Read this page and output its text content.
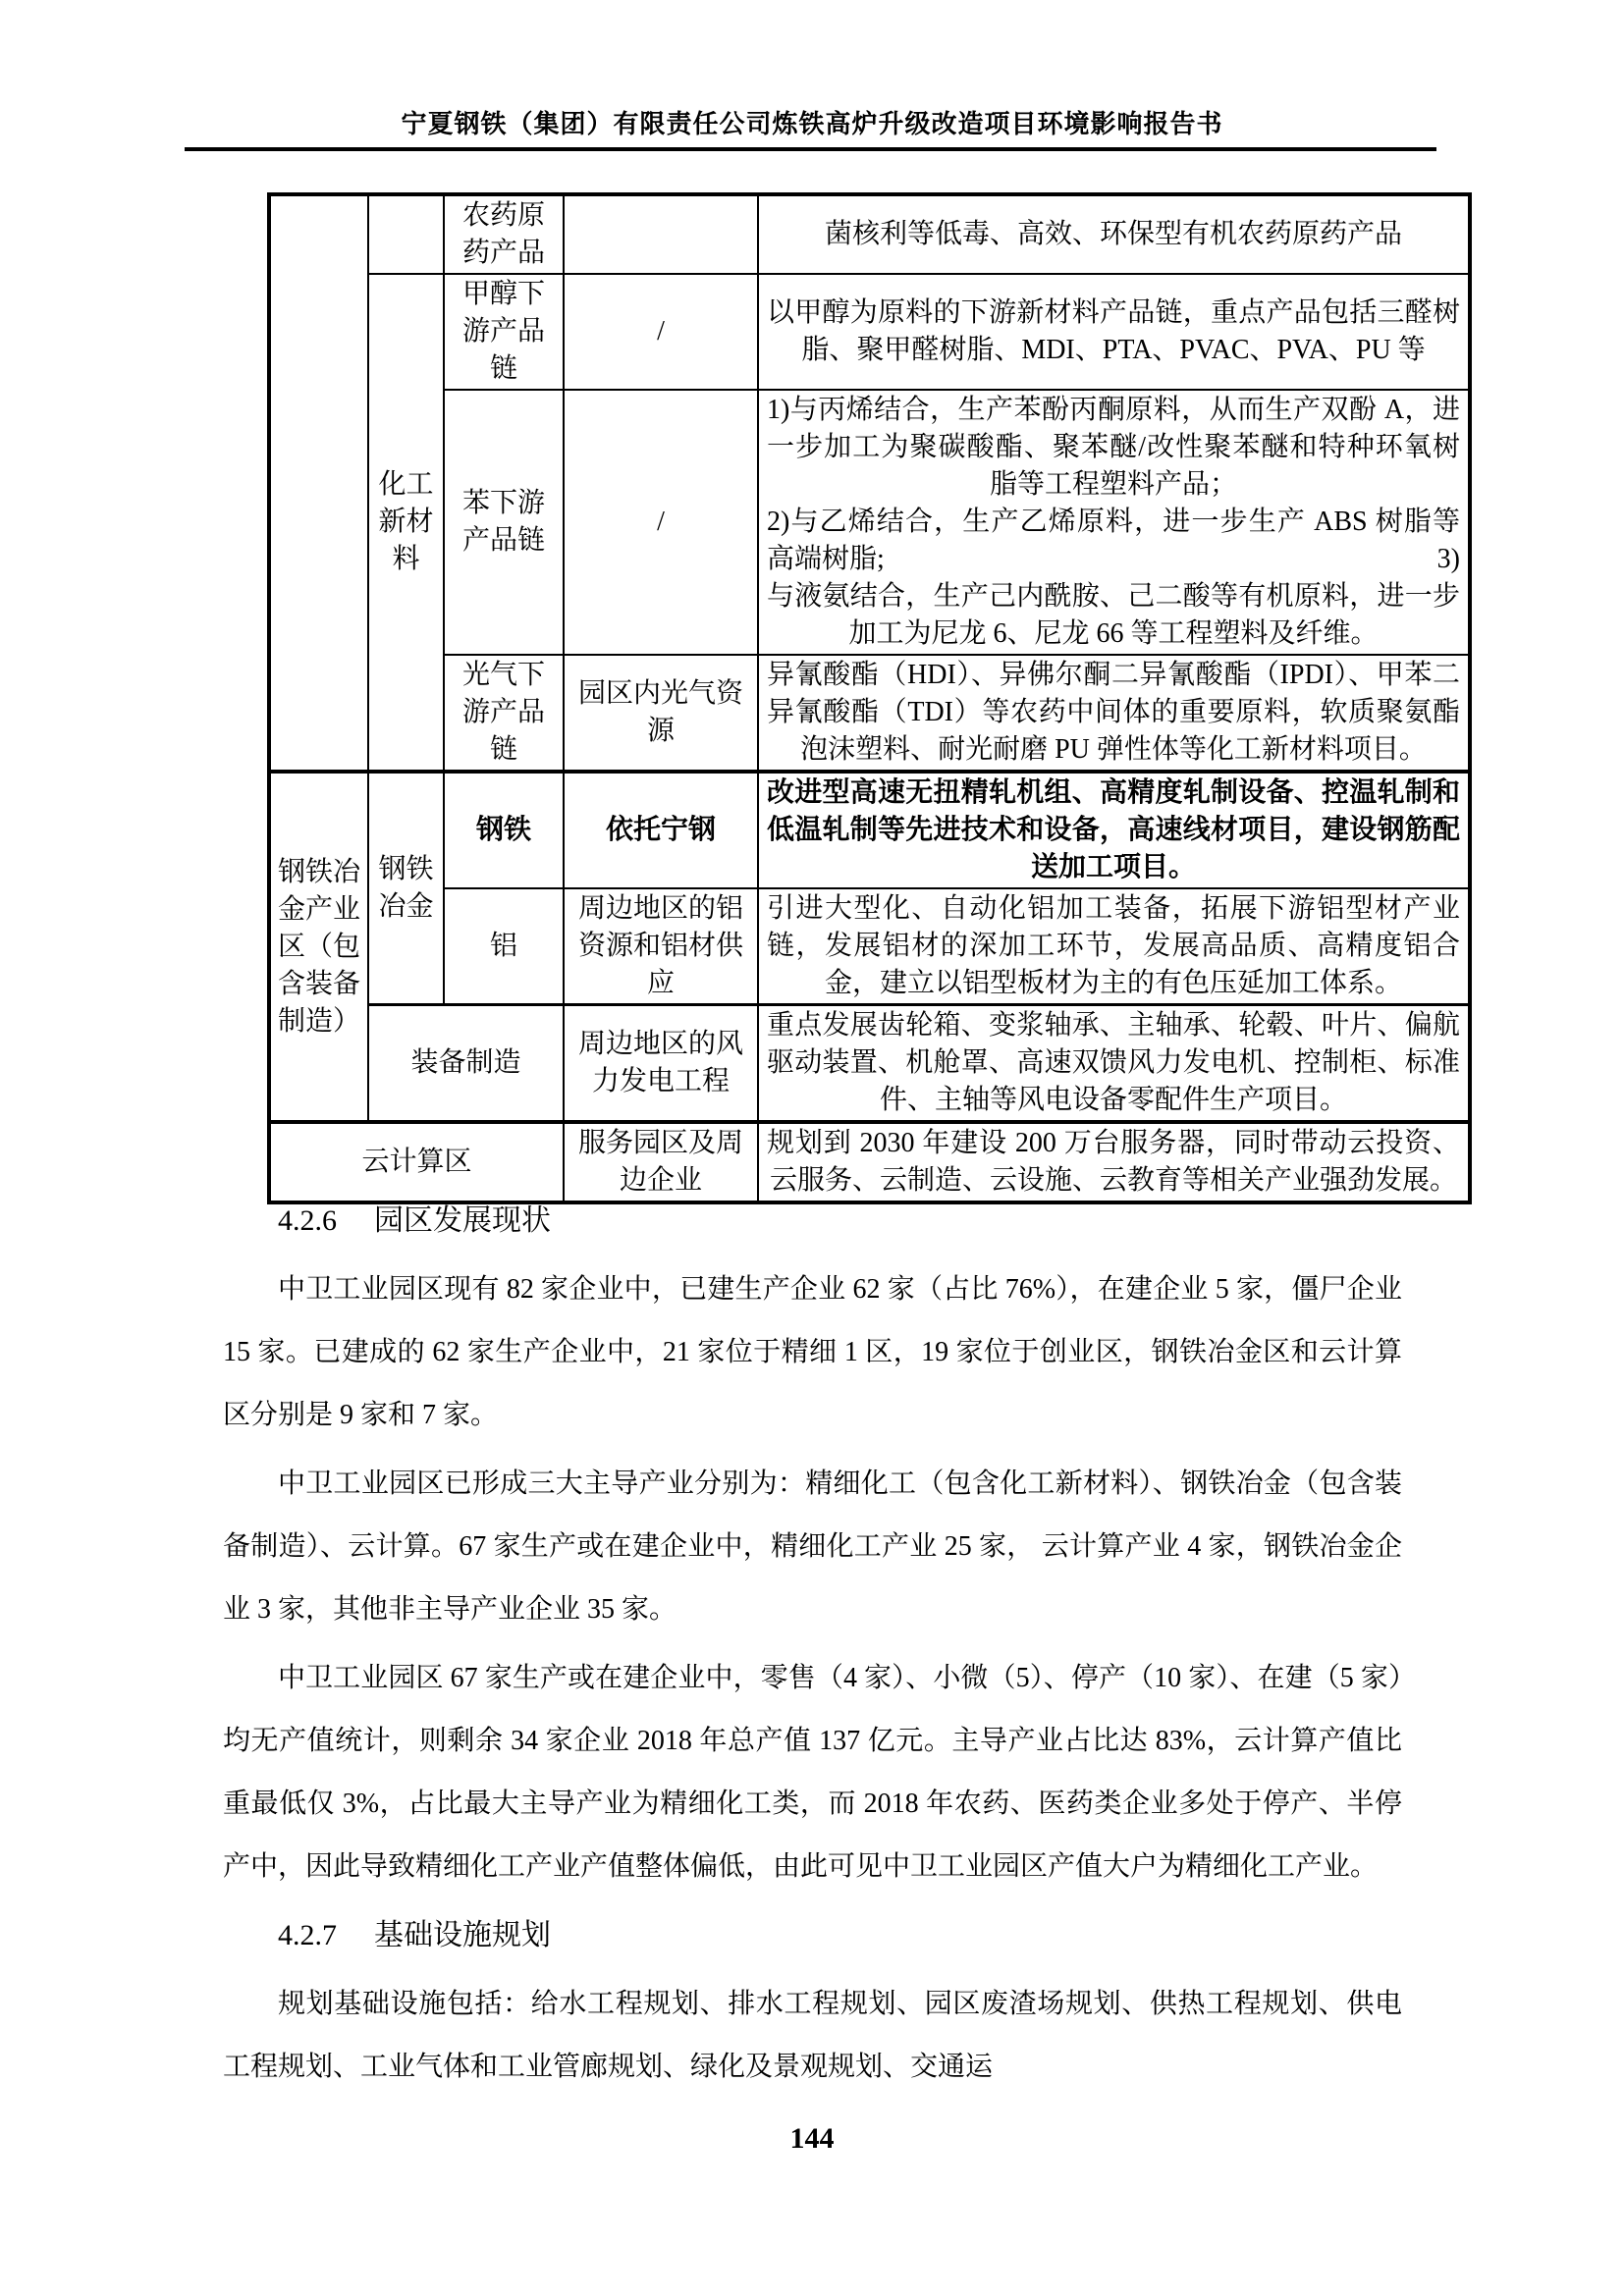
宁夏钢铁（集团）有限责任公司炼铁高炉升级改造项目环境影响报告书
		农药原药产品		菌核利等低毒、高效、环保型有机农药原药产品
	化工新材料	甲醇下游产品链	/	以甲醇为原料的下游新材料产品链，重点产品包括三醛树脂、聚甲醛树脂、MDI、PTA、PVAC、PVA、PU 等
		苯下游产品链	/	1)与丙烯结合，生产苯酚丙酮原料，从而生产双酚 A，进一步加工为聚碳酸酯、聚苯醚/改性聚苯醚和特种环氧树脂等工程塑料产品；
2)与乙烯结合，生产乙烯原料，进一步生产 ABS 树脂等高端树脂; 3)
与液氨结合，生产己内酰胺、己二酸等有机原料，进一步加工为尼龙 6、尼龙 66 等工程塑料及纤维。

		光气下游产品链	园区内光气资源	异氰酸酯（HDI）、异佛尔酮二异氰酸酯（IPDI）、甲苯二异氰酸酯（TDI）等农药中间体的重要原料，软质聚氨酯泡沫塑料、耐光耐磨 PU 弹性体等化工新材料项目。
钢铁冶金产业区（包含装备制造）	钢铁冶金	钢铁	依托宁钢	改进型高速无扭精轧机组、高精度轧制设备、控温轧制和低温轧制等先进技术和设备，高速线材项目，建设钢筋配送加工项目。
		铝	周边地区的铝资源和铝材供应	引进大型化、自动化铝加工装备，拓展下游铝型材产业链，发展铝材的深加工环节，发展高品质、高精度铝合金，建立以铝型板材为主的有色压延加工体系。
	装备制造		周边地区的风力发电工程	重点发展齿轮箱、变浆轴承、主轴承、轮毂、叶片、偏航驱动装置、机舱罩、高速双馈风力发电机、控制柜、标准件、主轴等风电设备零配件生产项目。
云计算区			服务园区及周边企业	规划到 2030 年建设 200 万台服务器，同时带动云投资、云服务、云制造、云设施、云教育等相关产业强劲发展。
4.2.6 园区发展现状

中卫工业园区现有 82 家企业中，已建生产企业 62 家（占比 76%），在建企业 5 家，僵尸企业 15 家。已建成的 62 家生产企业中，21 家位于精细 1 区，19 家位于创业区，钢铁冶金区和云计算区分别是 9 家和 7 家。

中卫工业园区已形成三大主导产业分别为：精细化工（包含化工新材料）、钢铁冶金（包含装备制造）、云计算。67 家生产或在建企业中，精细化工产业 25 家， 云计算产业 4 家，钢铁冶金企业 3 家，其他非主导产业企业 35 家。

中卫工业园区 67 家生产或在建企业中，零售（4 家）、小微（5）、停产（10 家）、在建（5 家）均无产值统计，则剩余 34 家企业 2018 年总产值 137 亿元。主导产业占比达 83%，云计算产值比重最低仅 3%，占比最大主导产业为精细化工类，而 2018 年农药、医药类企业多处于停产、半停产中，因此导致精细化工产业产值整体偏低，由此可见中卫工业园区产值大户为精细化工产业。

4.2.7 基础设施规划

规划基础设施包括：给水工程规划、排水工程规划、园区废渣场规划、供热工程规划、供电工程规划、工业气体和工业管廊规划、绿化及景观规划、交通运

144
